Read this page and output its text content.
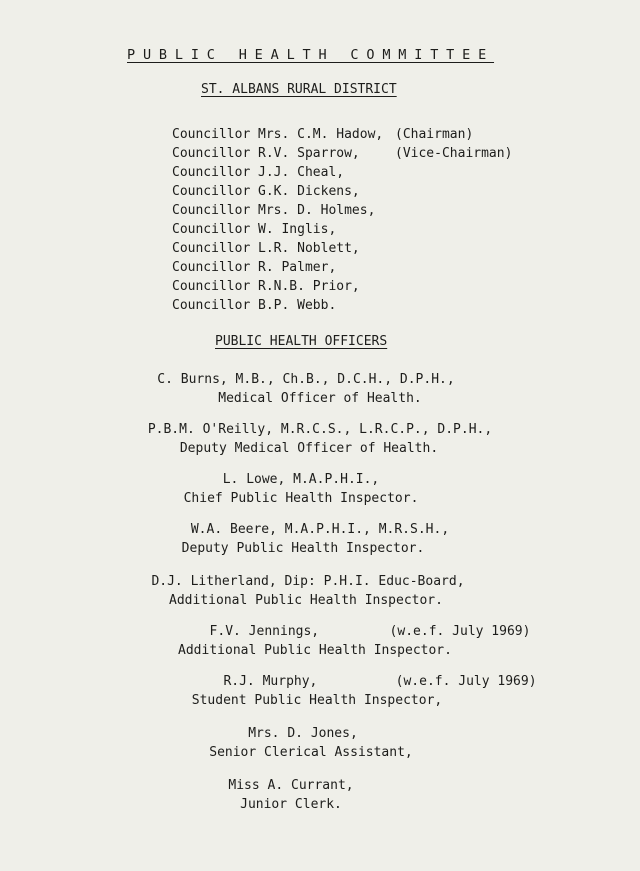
PUBLIC HEALTH COMMITTEE
ST. ALBANS RURAL DISTRICT
Councillor Mrs. C.M. Hadow, (Chairman)
Councillor R.V. Sparrow,	(Vice-Chairman)
Councillor J.J. Cheal,
Councillor G.K. Dickens,
Councillor Mrs. D. Holmes,
Councillor W. Inglis,
Councillor L.R. Noblett,
Councillor R. Palmer,
Councillor R.N.B. Prior,
Councillor B.P. Webb.
PUBLIC HEALTH OFFICERS
C. Burns, M.B., Ch.B., D.C.H., D.P.H.,
Medical Officer of Health.
P.B.M. O'Reilly, M.R.C.S., L.R.C.P., D.P.H.,
Deputy Medical Officer of Health.
L. Lowe, M.A.P.H.I.,
Chief Public Health Inspector.
W.A. Beere, M.A.P.H.I., M.R.S.H.,
Deputy Public Health Inspector.
D.J. Litherland, Dip: P.H.I. Educ-Board,
Additional Public Health Inspector.
F.V. Jennings,         (w.e.f. July 1969)
Additional Public Health Inspector.
R.J. Murphy,          (w.e.f. July 1969)
Student Public Health Inspector,
Mrs. D. Jones,
Senior Clerical Assistant,
Miss A. Currant,
Junior Clerk.
